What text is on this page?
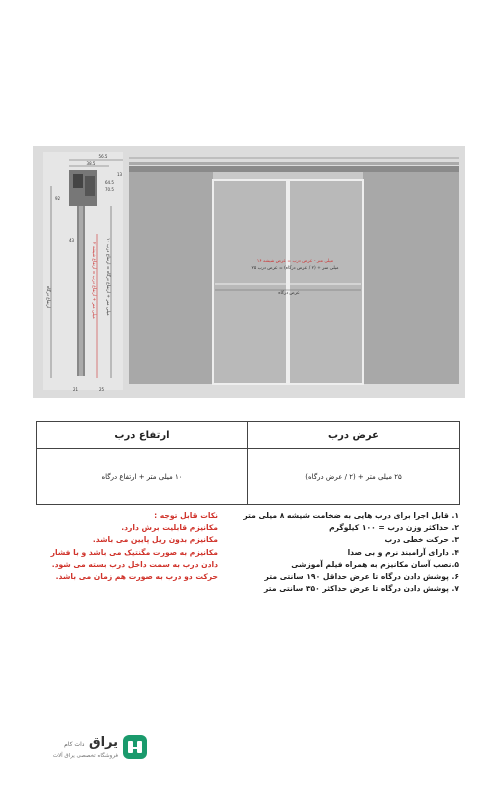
56.5
38.5
64.5
70.5
13
92
43
21	25
۲ میلی متر + ارتفاع درب = ارتفاع شیشه
۱۰ میلی متر + ارتفاع درگاه = ارتفاع درب
ارتفاع درگاه
۱۶ میلی متر - عرض درب = عرض شیشه
۲۵ میلی متر + (۲ / عرض درگاه) = عرض درب
عرض درگاه
ارتفاع درب	عرض درب
۱۰ میلی متر + ارتفاع درگاه	۲۵ میلی متر + (۲ / عرض درگاه)
۱. قابل اجرا برای درب هایی به ضخامت شیشه ۸ میلی متر
۲. حداکثر وزن درب = ۱۰۰ کیلوگرم
۳. حرکت خطی درب
۴. دارای آرامبند نرم و بی صدا
۵.نصب آسان مکانیزم به همراه فیلم آموزشی
۶. پوشش دادن درگاه تا عرض حداقل ۱۹۰ سانتی متر
۷. پوشش دادن درگاه تا عرض حداکثر ۳۵۰ سانتی متر
نکات قابل توجه :
مکانیزم قابلیت برش دارد.
مکانیزم بدون ریل پایین می باشد.
مکانیزم به صورت مگنتیک می باشد و با فشار دادن درب به سمت داخل درب بسته می شود.
حرکت دو درب به صورت هم زمان می باشد.
یراق دات کام
فروشگاه تخصصی یراق آلات
